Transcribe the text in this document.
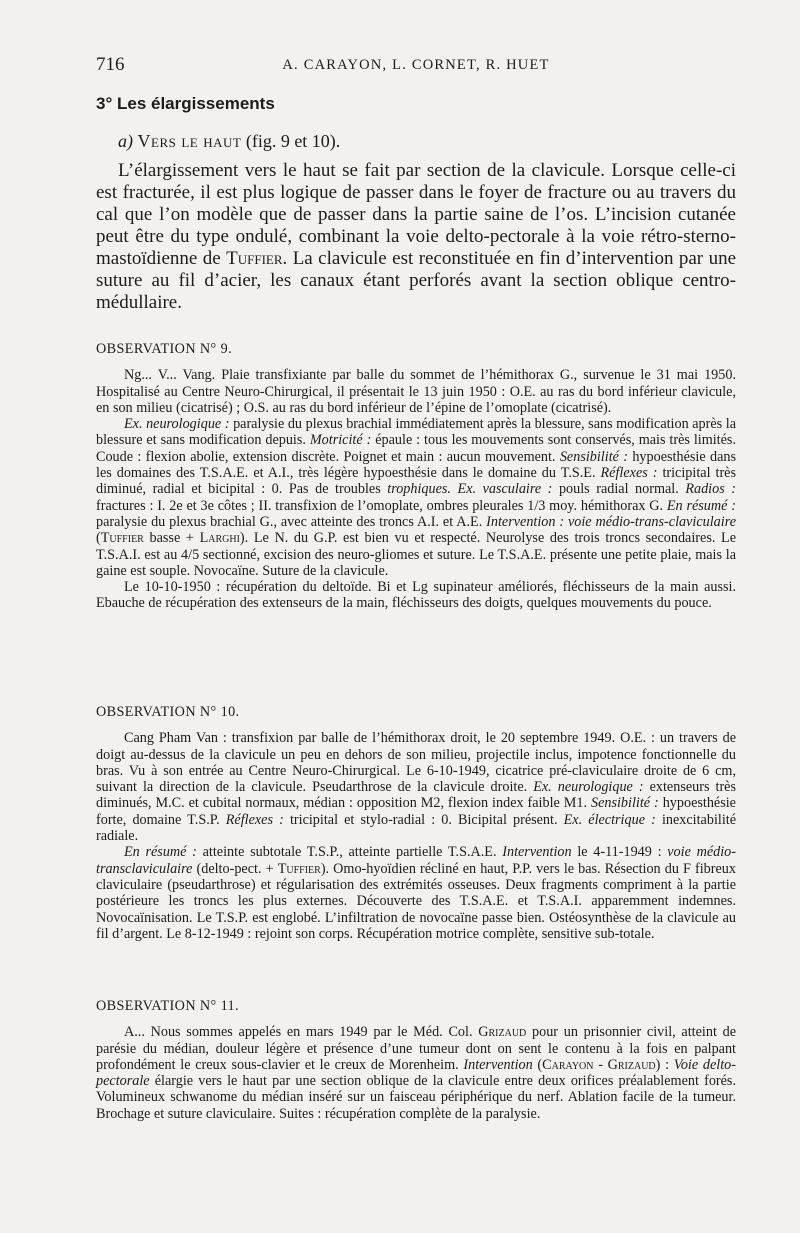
716	A. CARAYON, L. CORNET, R. HUET
3° Les élargissements
a) Vers le haut (fig. 9 et 10).

L’élargissement vers le haut se fait par section de la clavicule. Lorsque celle-ci est fracturée, il est plus logique de passer dans le foyer de fracture ou au travers du cal que l’on modèle que de passer dans la partie saine de l’os. L’incision cutanée peut être du type ondulé, combinant la voie delto-pectorale à la voie rétro-sterno-mastoïdienne de Tuffier. La clavicule est reconstituée en fin d’intervention par une suture au fil d’acier, les canaux étant perforés avant la section oblique centro-médullaire.

OBSERVATION N° 9.

Ng... V... Vang. Plaie transfixiante par balle du sommet de l’hémithorax G., survenue le 31 mai 1950. Hospitalisé au Centre Neuro-Chirurgical, il présentait le 13 juin 1950 : O.E. au ras du bord inférieur clavicule, en son milieu (cicatrisé) ; O.S. au ras du bord inférieur de l’épine de l’omoplate (cicatrisé).

Ex. neurologique : paralysie du plexus brachial immédiatement après la blessure, sans modification après la blessure et sans modification depuis. Motricité : épaule : tous les mouvements sont conservés, mais très limités. Coude : flexion abolie, extension discrète. Poignet et main : aucun mouvement. Sensibilité : hypoesthésie dans les domaines des T.S.A.E. et A.I., très légère hypoesthésie dans le domaine du T.S.E. Réflexes : tricipital très diminué, radial et bicipital : 0. Pas de troubles trophiques. Ex. vasculaire : pouls radial normal. Radios : fractures : I. 2e et 3e côtes ; II. transfixion de l’omoplate, ombres pleurales 1/3 moy. hémithorax G. En résumé : paralysie du plexus brachial G., avec atteinte des troncs A.I. et A.E. Intervention : voie médio-trans-claviculaire (Tuffier basse + Larghi). Le N. du G.P. est bien vu et respecté. Neurolyse des trois troncs secondaires. Le T.S.A.I. est au 4/5 sectionné, excision des neuro-gliomes et suture. Le T.S.A.E. présente une petite plaie, mais la gaine est souple. Novocaïne. Suture de la clavicule.

Le 10-10-1950 : récupération du deltoïde. Bi et Lg supinateur améliorés, fléchisseurs de la main aussi. Ebauche de récupération des extenseurs de la main, fléchisseurs des doigts, quelques mouvements du pouce.

OBSERVATION N° 10.

Cang Pham Van : transfixion par balle de l’hémithorax droit, le 20 septembre 1949. O.E. : un travers de doigt au-dessus de la clavicule un peu en dehors de son milieu, projectile inclus, impotence fonctionnelle du bras. Vu à son entrée au Centre Neuro-Chirurgical. Le 6-10-1949, cicatrice pré-claviculaire droite de 6 cm, suivant la direction de la clavicule. Pseudarthrose de la clavicule droite. Ex. neurologique : extenseurs très diminués, M.C. et cubital normaux, médian : opposition M2, flexion index faible M1. Sensibilité : hypoesthésie forte, domaine T.S.P. Réflexes : tricipital et stylo-radial : 0. Bicipital présent. Ex. électrique : inexcitabilité radiale.

En résumé : atteinte subtotale T.S.P., atteinte partielle T.S.A.E. Intervention le 4-11-1949 : voie médio-transclaviculaire (delto-pect. + Tuffier). Omo-hyoïdien récliné en haut, P.P. vers le bas. Résection du F fibreux claviculaire (pseudarthrose) et régularisation des extrémités osseuses. Deux fragments compriment à la partie postérieure les troncs les plus externes. Découverte des T.S.A.E. et T.S.A.I. apparemment indemnes. Novocaïnisation. Le T.S.P. est englobé. L’infiltration de novocaïne passe bien. Ostéosynthèse de la clavicule au fil d’argent. Le 8-12-1949 : rejoint son corps. Récupération motrice complète, sensitive sub-totale.

OBSERVATION N° 11.

A... Nous sommes appelés en mars 1949 par le Méd. Col. Grizaud pour un prisonnier civil, atteint de parésie du médian, douleur légère et présence d’une tumeur dont on sent le contenu à la fois en palpant profondément le creux sous-clavier et le creux de Morenheim. Intervention (Carayon - Grizaud) : Voie delto-pectorale élargie vers le haut par une section oblique de la clavicule entre deux orifices préalablement forés. Volumineux schwanome du médian inséré sur un faisceau périphérique du nerf. Ablation facile de la tumeur. Brochage et suture claviculaire. Suites : récupération complète de la paralysie.
